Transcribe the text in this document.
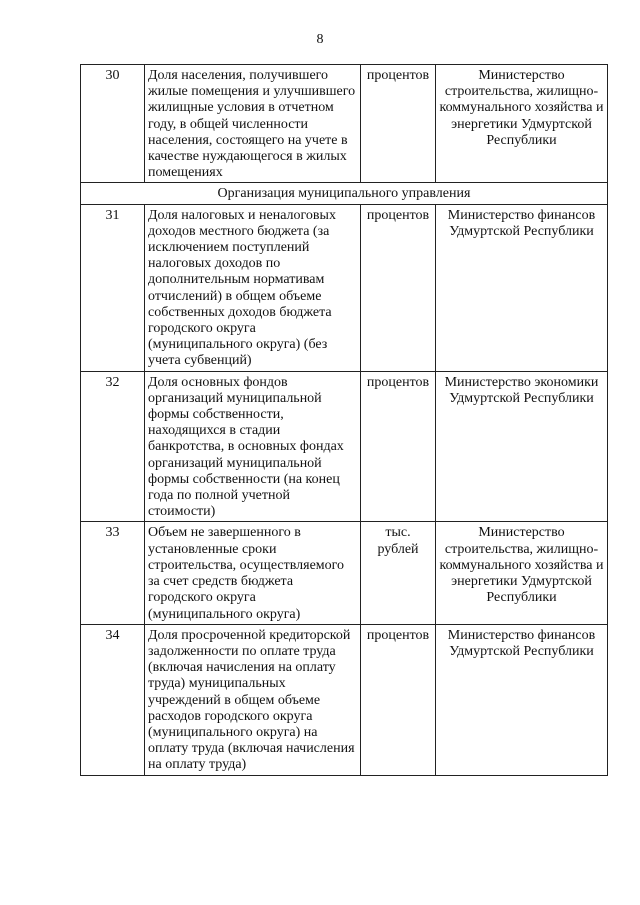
8
30	Доля населения, получившего жилые помещения и улучшившего жилищные условия в отчетном году, в общей численности населения, состоящего на учете в качестве нуждающегося в жилых помещениях	процентов	Министерство строительства, жилищно-коммунального хозяйства и энергетики Удмуртской Республики
Организация муниципального управления			
31	Доля налоговых и неналоговых доходов местного бюджета (за исключением поступлений налоговых доходов по дополнительным нормативам отчислений) в общем объеме собственных доходов бюджета городского округа (муниципального округа) (без учета субвенций)	процентов	Министерство финансов Удмуртской Республики
32	Доля основных фондов организаций муниципальной формы собственности, находящихся в стадии банкротства, в основных фондах организаций муниципальной формы собственности (на конец года по полной учетной стоимости)	процентов	Министерство экономики Удмуртской Республики
33	Объем не завершенного в установленные сроки строительства, осуществляемого за счет средств бюджета городского округа (муниципального округа)	тыс. рублей	Министерство строительства, жилищно-коммунального хозяйства и энергетики Удмуртской Республики
34	Доля просроченной кредиторской задолженности по оплате труда (включая начисления на оплату труда) муниципальных учреждений в общем объеме расходов городского округа (муниципального округа) на оплату труда (включая начисления на оплату труда)	процентов	Министерство финансов Удмуртской Республики
